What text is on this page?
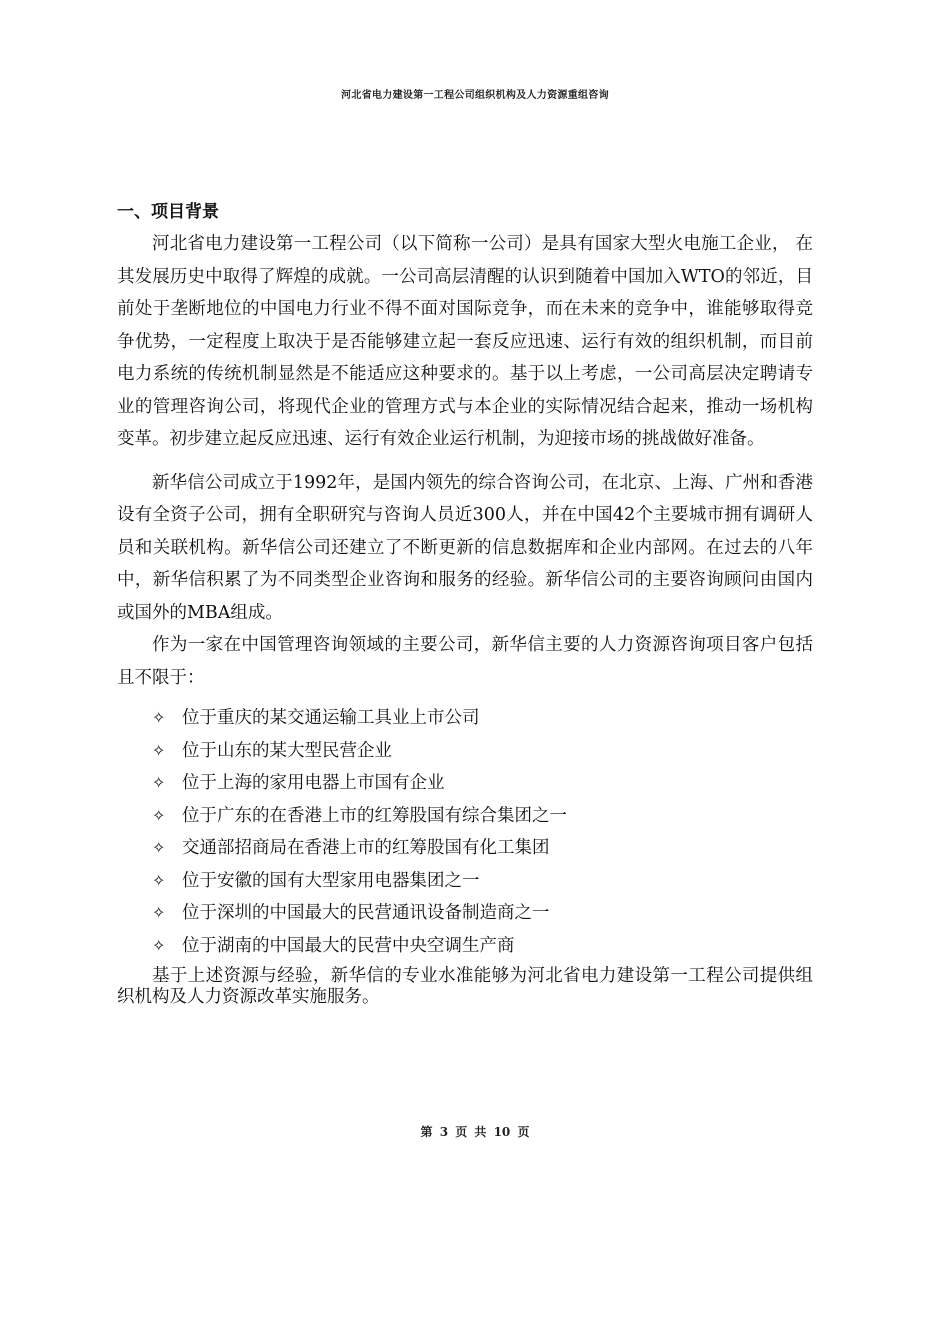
河北省电力建设第一工程公司组织机构及人力资源重组咨询
一、项目背景

河北省电力建设第一工程公司（以下简称一公司）是具有国家大型火电施工企业， 在其发展历史中取得了辉煌的成就。一公司高层清醒的认识到随着中国加入WTO的邻近，目前处于垄断地位的中国电力行业不得不面对国际竞争，而在未来的竞争中，谁能够取得竞争优势，一定程度上取决于是否能够建立起一套反应迅速、运行有效的组织机制，而目前电力系统的传统机制显然是不能适应这种要求的。基于以上考虑，一公司高层决定聘请专业的管理咨询公司，将现代企业的管理方式与本企业的实际情况结合起来，推动一场机构变革。初步建立起反应迅速、运行有效企业运行机制，为迎接市场的挑战做好准备。

新华信公司成立于1992年，是国内领先的综合咨询公司，在北京、上海、广州和香港设有全资子公司，拥有全职研究与咨询人员近300人，并在中国42个主要城市拥有调研人员和关联机构。新华信公司还建立了不断更新的信息数据库和企业内部网。在过去的八年中，新华信积累了为不同类型企业咨询和服务的经验。新华信公司的主要咨询顾问由国内或国外的MBA组成。

作为一家在中国管理咨询领域的主要公司，新华信主要的人力资源咨询项目客户包括且不限于：

✧ 位于重庆的某交通运输工具业上市公司
✧ 位于山东的某大型民营企业
✧ 位于上海的家用电器上市国有企业
✧ 位于广东的在香港上市的红筹股国有综合集团之一
✧ 交通部招商局在香港上市的红筹股国有化工集团
✧ 位于安徽的国有大型家用电器集团之一
✧ 位于深圳的中国最大的民营通讯设备制造商之一
✧ 位于湖南的中国最大的民营中央空调生产商

基于上述资源与经验，新华信的专业水准能够为河北省电力建设第一工程公司提供组织机构及人力资源改革实施服务。

第 3 页 共 10 页
